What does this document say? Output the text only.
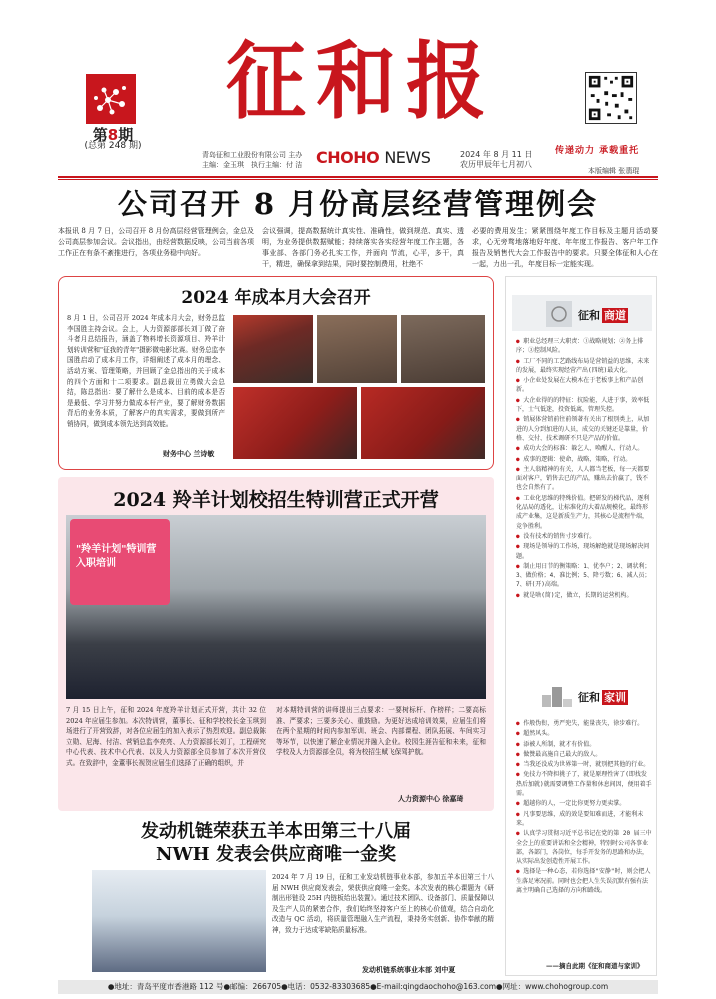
第8期
(总第 248 期)
征和报
传递动力 承载重托
青岛征和工业股份有限公司 主办
主编：金玉琪　执行主编：付 洁 CHOHO NEWS	2024 年 8 月 11 日
农历甲辰年七月初八
本版编辑 张翡琨
公司召开 8 月份高层经营管理例会
本报讯 8 月 7 日，公司召开 8 月份高层经营管理例会，金总及公司高层参加会议。会议指出，由经营数据反映，公司当前各项工作正在有条不紊推进行，各项业务稳中向好。
会议强调，提高数据统计真实性、准确性，做到规范、真实、透明，为业务提供数据赋能；持续落实各实经营年度工作主题，各事业部、各部门务必扎实工作，并面向 节流，心平，多干，真干，精进，确保拿到结果，同时要控制费用，杜绝不
必要的费用发生；紧紧围绕年度工作目标及主题月活动要求，心无旁骛地落地好年度、年年度工作报告、客户年工作报告及销售代大会工作报告中的要求。只要全体征和人心在一起，力出一孔，年度目标一定能实现。
2024 年成本月大会召开
8 月 1 日，公司召开 2024 年成本月大会，财务总监李国胜主持会议。会上，人力资源部部长刘丁做了奋斗者月总结报告，涵盖了物料增长资源项目、羚羊计划转训营和"征我的青年"摄影微电影比赛。财务总监李国胜启动了成本月工作，详细阐述了成本月的理念、活动方案、管理策略，并回顾了金总指出的关于成本的四个方面和十二项要求。副总裁田立勇做大会总结，陈总指出：要了解什么是成本、目前的成本是否是最低、学习并努力做成本杆产业，要了解财务数据背后的业务本质，了解客户的真实需求，要做到所产销协同，做到成本领先达到高效能。
财务中心 兰诗敏
2024 羚羊计划校招生特训营正式开营
"羚羊计划"特训营 入职培训
7 月 15 日上午，征和 2024 年度羚羊计划正式开营，共计 32 位 2024 年应届生参加。本次特训营，董事长、征和学校校长金玉琪到场进行了开营致辞，对各位应届生的加入表示了热烈欢迎。副总裁陈立勋、尼海、付洁、营销总监李亮亮、人力资源部长刘丁，工程研究中心代表、技术中心代表、以及人力资源部全员参加了本次开营仪式。在致辞中，金董事长视贺应届生们选择了正确的组织，并
对本期特训营的讲师提出三点要求：一要树标杆、作榜样；二要高标准、严要求；三要多关心、重鼓励。为更好达成培训效果，应届生们将在两个星期的时间内参加军训、班会、内部课程、团队拓展、车间实习等环节，以快速了解企业情况并融入企业。校园生涯告征和未来，征和学校及人力资源部全员，将为校招生赋飞保驾护航。
人力资源中心 徐嘉琦
发动机链荣获五羊本田第三十八届
NWH 发表会供应商唯一金奖
2024 年 7 月 19 日，征和工业发动机链事业本部，参加五羊本田第三十八届 NWH 供应商发表会，荣获供应商唯一金奖。本次发表的核心课题为《研制出形链设 25H 内链板给出装置》。通过技术团队、设备部门、质量保障以及生产人员的紧密合作，我们始终坚持客户至上的核心价值观，结合自动化改造与 QC 活动，将质量管理融入生产流程，秉持务实创新、协作奉献的精神，致力于达成零缺陷质量标准。
发动机链系统事业本部 刘中夏
征和 商道

● 职业总经理三大职责：①战略规划；②务上排序；③控制风险。

● 工厂不同的工艺路线布局是营销益的思维，未来的发展，最终实现经营产出(四统)最大化。

● 小企业处发展在大模木在于老板事上和产品创新。

● 大企业得的的特征：抗险能，人进于事，效率低下，士气低迷，投资低离，管理失控。

● 销展体营销前往前领著有关出了根别类上，从加进的人分到加进的人员，成交的关键还是靠量，价格、交付、技术调研不只是产品的价值。

● 成功大会的标准：躲乞人、唤醒人、行动人。

● 成事的逻辑：使命，战略，策略，行动。

● 主人翁精神的有关，人人都当老板，每一天都要面对客户，销售去已的产品，赚出去价赢了，钱不也会自然有了。

● 工业化思维的特殊价值。把研发的梯代品，逐利化品局的透化，让标准化的大着品规模化，最终形成产业集，这是新质生产力，其核心是流程牛端，竞争胜利。

● 没有技术的销售寸步难行。

● 现场是领导的工作场，现场解绝就是现场解决问题。

● 制止用日节的衡策略：1、优李户；2、调状利；3、做价格；4、准比例；5、降亏数；6、减人员；7、研(开)高端。

● 就是啥(简)定，做立，长期的运营机构。

征和 家训

● 作般伪衔，勇严兜失，能量丧失，徐步难行。

● 超然风头。

● 添被人所制，就才有价值。

● 做赞最高施自己最大的敌人。

● 当我还没成为世界第一时，就别把其他的行业。

● 免技力不降担挑子了，就是原理性害了(即找发热后加就)就需要调整工作量和休息间因，便用着手需。

● 超越你的人，一定比你更努力更卖掌。

● 凡事要思维，成的效是要知难而进，才能利未来。

● 认真学习贯彻习近平总书记在党的第 20 届三中全会上的重要讲话和全会精神，特别时公司各事业部，各部门，各岗位，每手开发务的思路和办法，从实际出发创造性开展工作。

● 选择是一种心态，若你选择"安静"时，则会把人生落足寒况前。同时也会把人生失误沉默有强有法离主明确自己选择的方向和路线。

——摘自此期《征和商道与家训》
●地址：青岛平度市香港路 112 号●邮编：266705●电话：0532-83303685●E-mail:qingdaochoho@163.com●网址：www.chohogroup.com
